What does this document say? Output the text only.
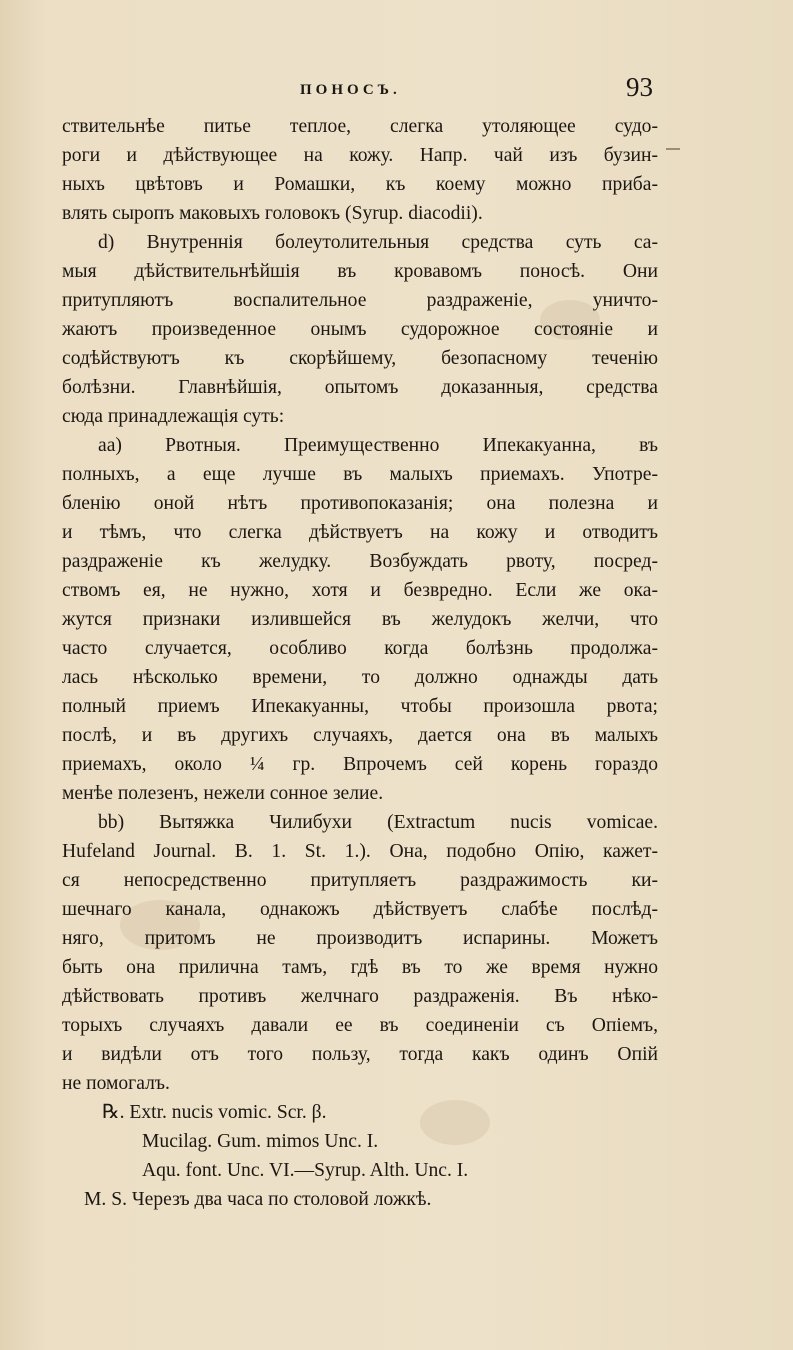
ПОНОСЪ.	93
ствительнѣе питье теплое, слегка утоляющее судо-
роги и дѣйствующее на кожу. Напр. чай изъ бузин-
ныхъ цвѣтовъ и Ромашки, къ коему можно приба-
влять сыропъ маковыхъ головокъ (Syrup. diacodii).
d) Внутреннія болеутолительныя средства суть са-
мыя дѣйствительнѣйшія въ кровавомъ поносѣ. Они
притупляютъ воспалительное раздраженіе, уничто-
жаютъ произведенное онымъ судорожное состояніе и
содѣйствуютъ къ скорѣйшему, безопасному теченію
болѣзни. Главнѣйшія, опытомъ доказанныя, средства
сюда принадлежащія суть:
aa) Рвотныя. Преимущественно Ипекакуанна, въ
полныхъ, а еще лучше въ малыхъ приемахъ. Употре-
бленію оной нѣтъ противопоказанія; она полезна и
и тѣмъ, что слегка дѣйствуетъ на кожу и отводитъ
раздраженіе къ желудку. Возбуждать рвоту, посред-
ствомъ ея, не нужно, хотя и безвредно. Если же ока-
жутся признаки излившейся въ желудокъ желчи, что
часто случается, особливо когда болѣзнь продолжа-
лась нѣсколько времени, то должно однажды дать
полный приемъ Ипекакуанны, чтобы произошла рвота;
послѣ, и въ другихъ случаяхъ, дается она въ малыхъ
приемахъ, около ¼ гр. Впрочемъ сей корень гораздо
менѣе полезенъ, нежели сонное зелие.
bb) Вытяжка Чилибухи (Extractum nucis vomicae.
Hufeland Journal. B. 1. St. 1.). Она, подобно Опію, кажет-
ся непосредственно притупляетъ раздражимость ки-
шечнаго канала, однакожъ дѣйствуетъ слабѣе послѣд-
няго, притомъ не производитъ испарины. Можетъ
быть она прилична тамъ, гдѣ въ то же время нужно
дѣйствовать противъ желчнаго раздраженія. Въ нѣко-
торыхъ случаяхъ давали ее въ соединеніи съ Опіемъ,
и видѣли отъ того пользу, тогда какъ одинъ Опій
не помогалъ.
℞. Extr. nucis vomic. Scr. β.
Mucilag. Gum. mimos Unc. I.
Aqu. font. Unc. VI.—Syrup. Alth. Unc. I.
M. S. Черезъ два часа по столовой ложкѣ.
